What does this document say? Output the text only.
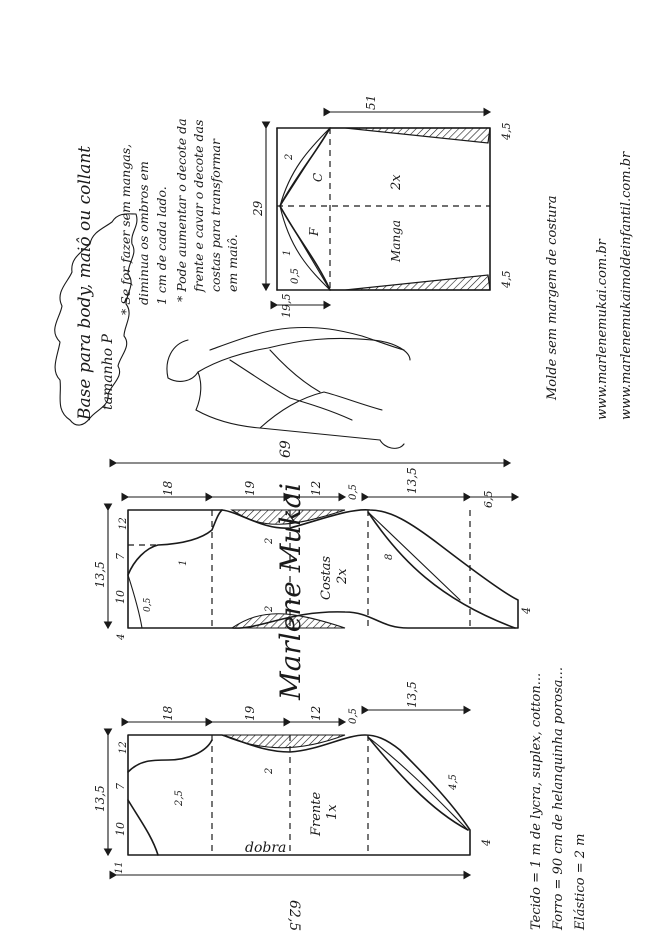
Base para body, maiô ou collant tamanho P
* Se for fazer sem mangas, diminua os ombros em 1 cm de cada lado. * Pode aumentar o decote da frente e cavar o decote das costas para transformar em maiô.
51
29
19,5
4,5
4,5
2
1
0,5
C
F
2x
Manga
69
18	19	12	0,5	13,5
6,5
4
13,5
10
7
0,5
12
4
1
2
2
8
Costas 2x
Marlene Mukai
dobra
18	19	12	0,5
13,5
4
13,5
10
7
12
11
2,5
2
4,5
Frente 1x
62,5	Tecido = 1 m de lycra, suplex, cotton... Forro = 90 cm de helanquinha porosa... Elástico = 2 m
Molde sem margem de costura	www.marlenemukai.com.br www.marlenemukaimoldeinfantil.com.br
